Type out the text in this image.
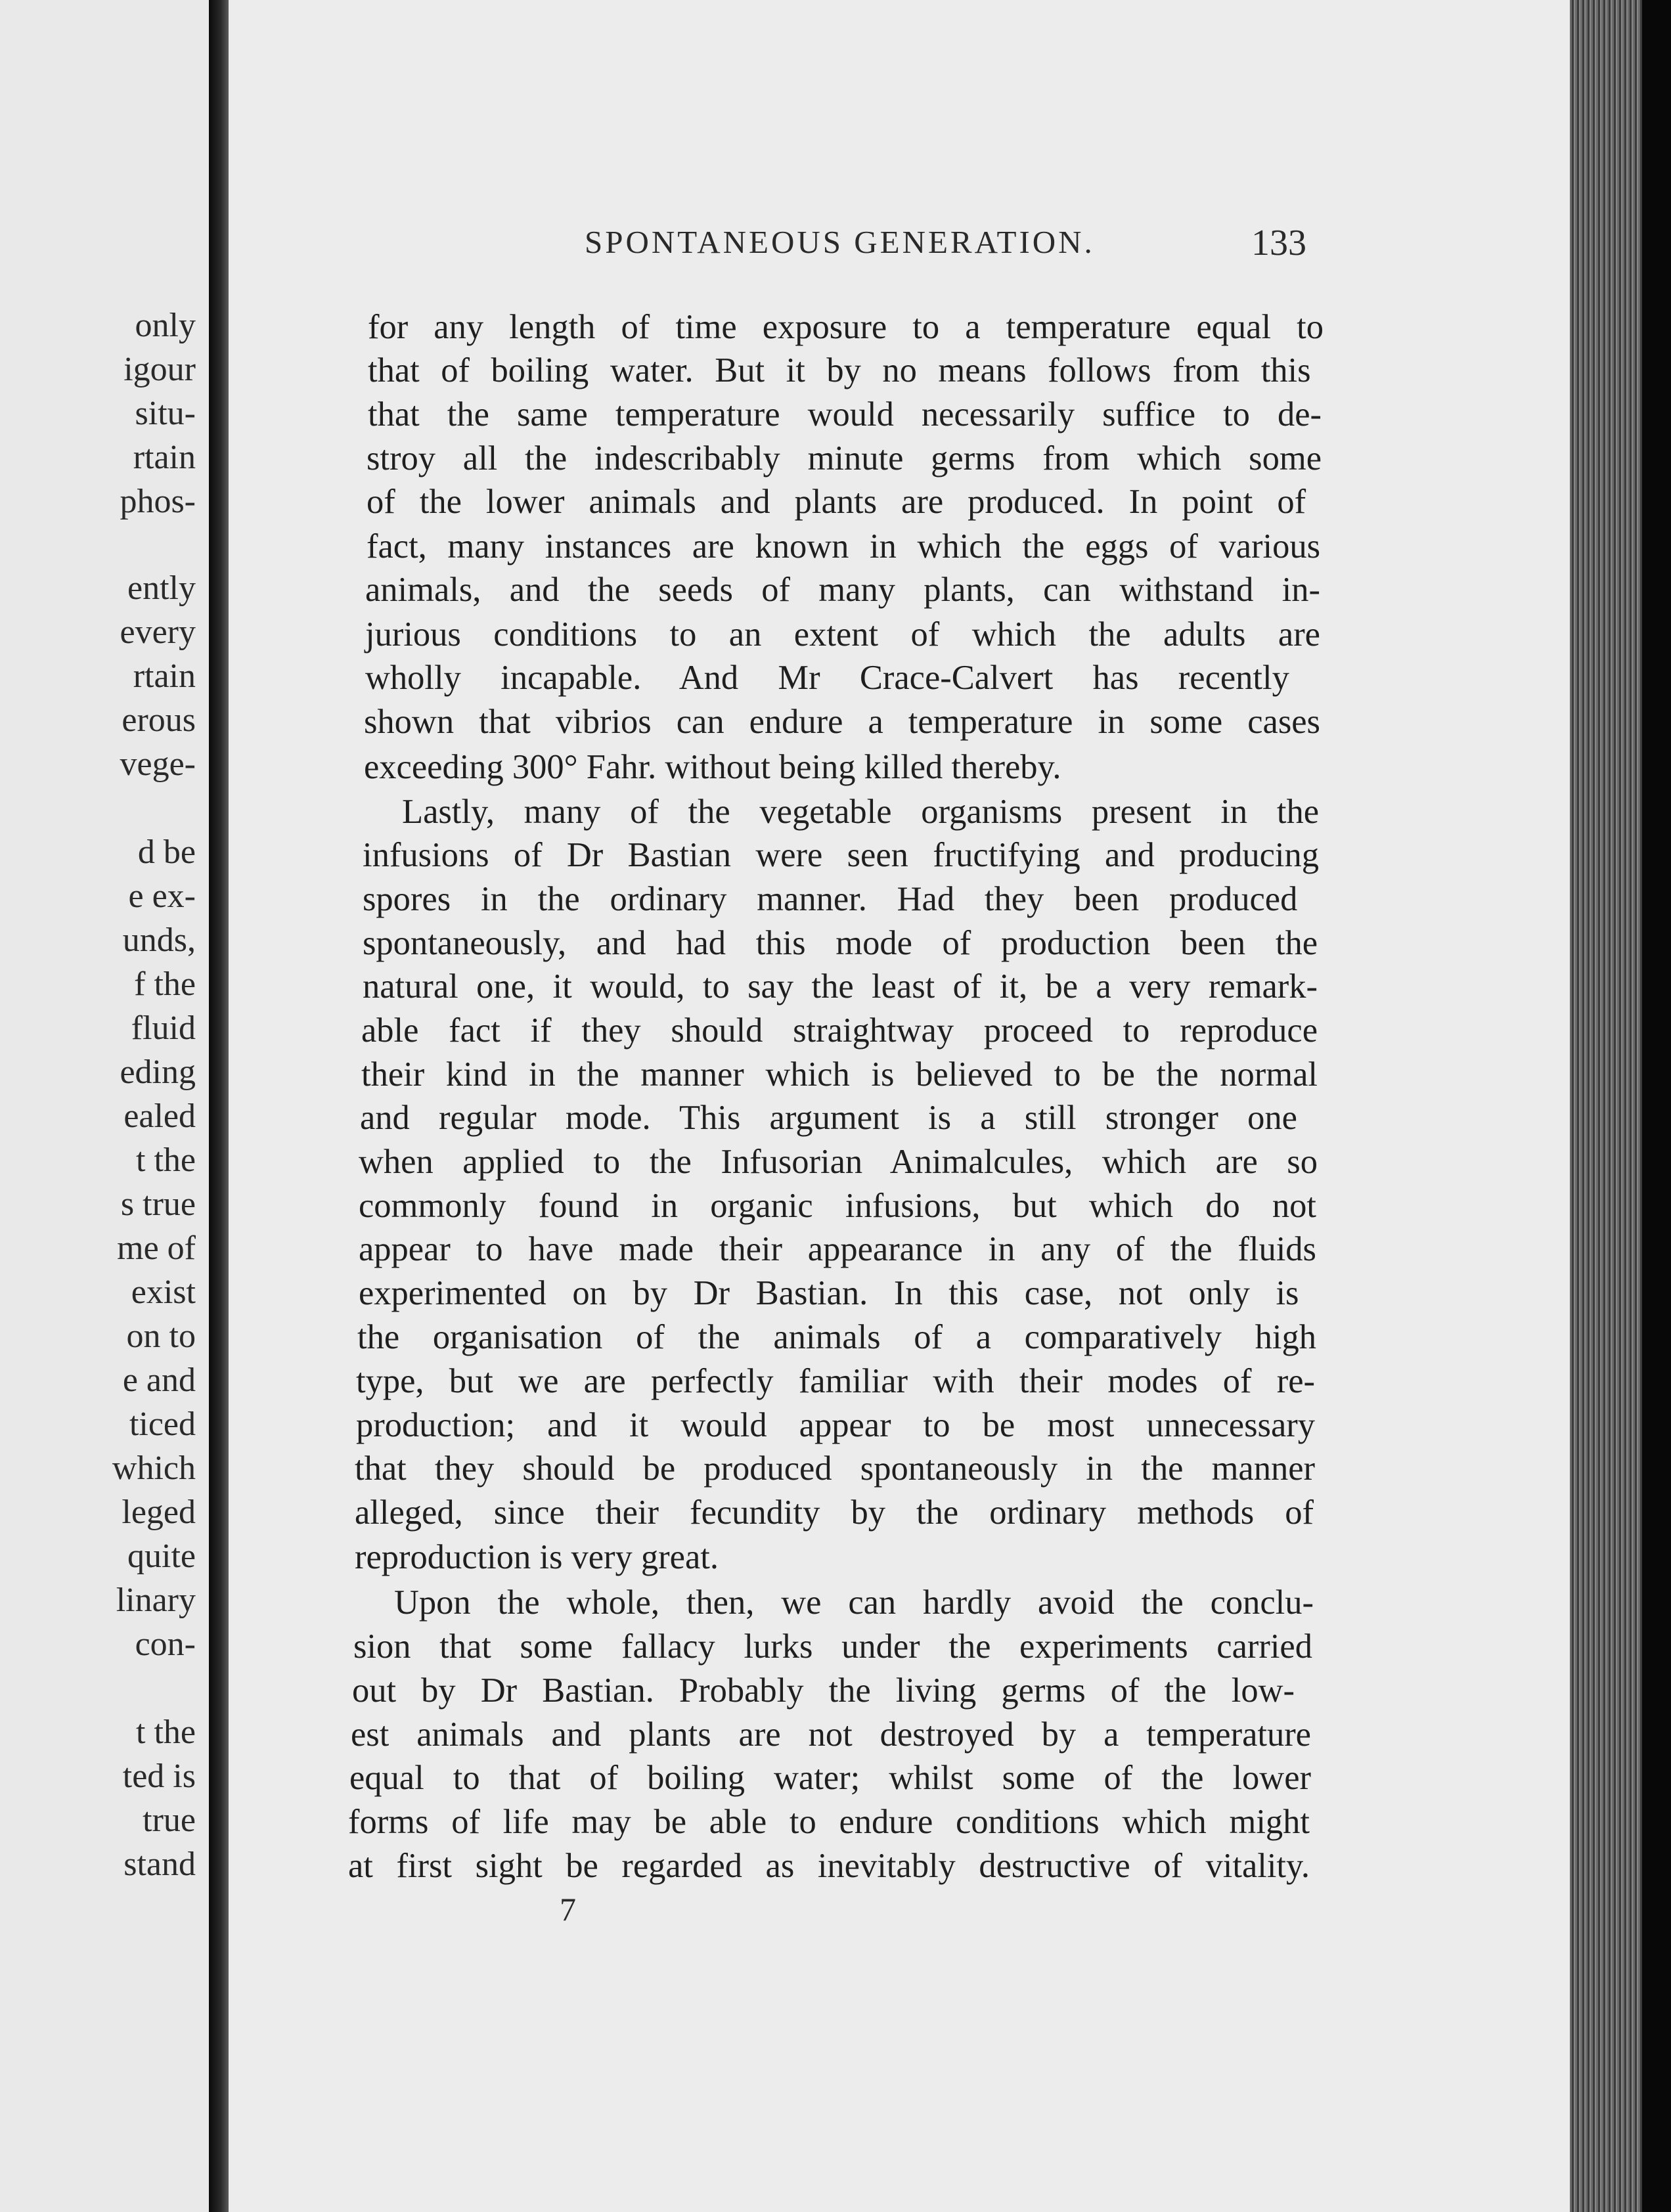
only
igour
situ-
rtain
phos-
ently
every
rtain
erous
vege-
d be
e ex-
unds,
f the
fluid
eding
ealed
t the
s true
me of
exist
on to
e and
ticed
which
leged
quite
linary
con-
t the
ted is
true
stand
SPONTANEOUS GENERATION.	133
for any length of time exposure to a temperature equal to
that of boiling water. But it by no means follows from this
that the same temperature would necessarily suffice to de-
stroy all the indescribably minute germs from which some
of the lower animals and plants are produced. In point of
fact, many instances are known in which the eggs of various
animals, and the seeds of many plants, can withstand in-
jurious conditions to an extent of which the adults are
wholly incapable. And Mr Crace-Calvert has recently
shown that vibrios can endure a temperature in some cases
exceeding 300° Fahr. without being killed thereby.
Lastly, many of the vegetable organisms present in the
infusions of Dr Bastian were seen fructifying and producing
spores in the ordinary manner. Had they been produced
spontaneously, and had this mode of production been the
natural one, it would, to say the least of it, be a very remark-
able fact if they should straightway proceed to reproduce
their kind in the manner which is believed to be the normal
and regular mode. This argument is a still stronger one
when applied to the Infusorian Animalcules, which are so
commonly found in organic infusions, but which do not
appear to have made their appearance in any of the fluids
experimented on by Dr Bastian. In this case, not only is
the organisation of the animals of a comparatively high
type, but we are perfectly familiar with their modes of re-
production; and it would appear to be most unnecessary
that they should be produced spontaneously in the manner
alleged, since their fecundity by the ordinary methods of
reproduction is very great.
Upon the whole, then, we can hardly avoid the conclu-
sion that some fallacy lurks under the experiments carried
out by Dr Bastian. Probably the living germs of the low-
est animals and plants are not destroyed by a temperature
equal to that of boiling water; whilst some of the lower
forms of life may be able to endure conditions which might
at first sight be regarded as inevitably destructive of vitality.
7
